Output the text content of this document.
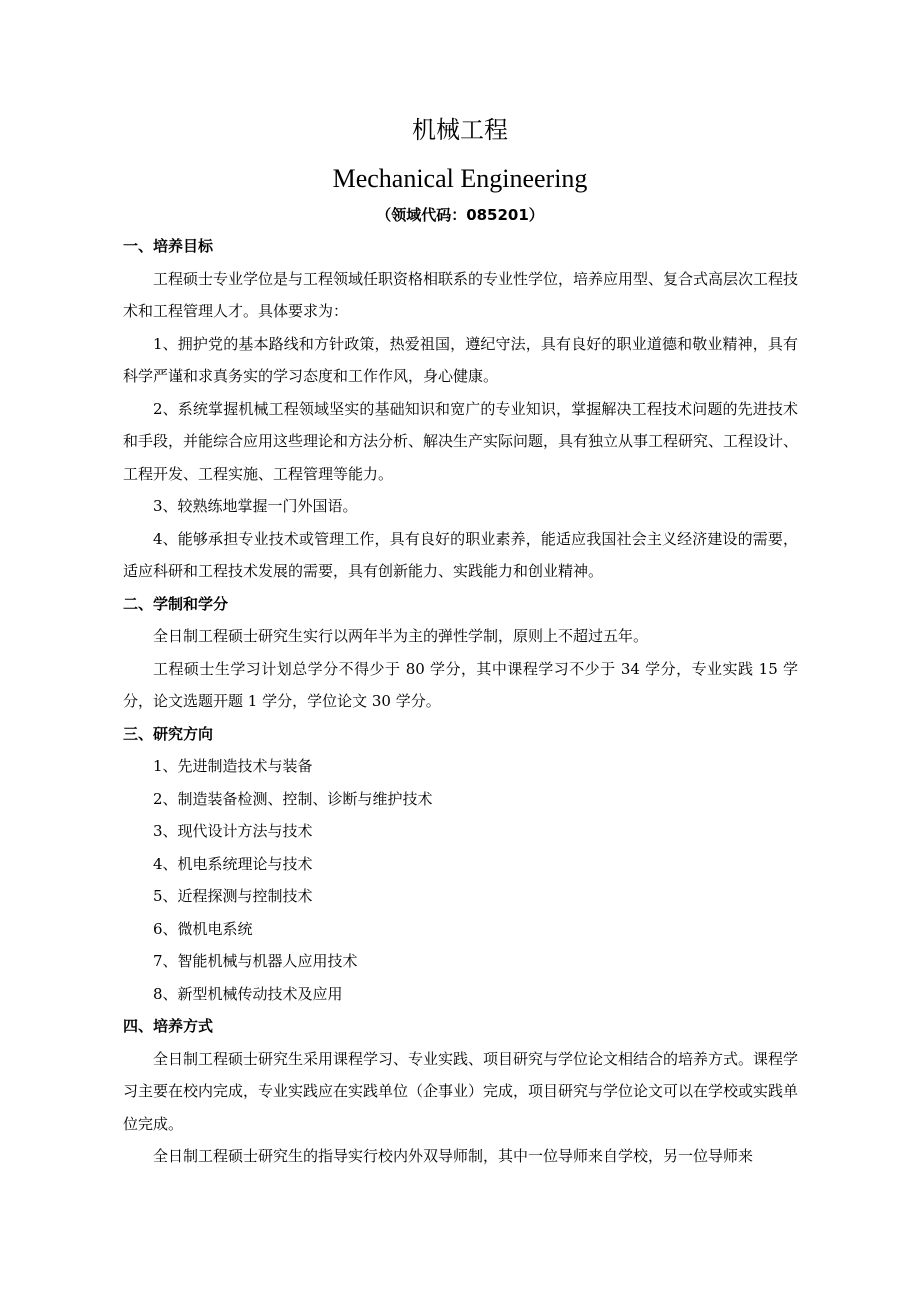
机械工程
Mechanical Engineering
（领域代码：085201）

一、培养目标

工程硕士专业学位是与工程领域任职资格相联系的专业性学位，培养应用型、复合式高层次工程技术和工程管理人才。具体要求为：

1、拥护党的基本路线和方针政策，热爱祖国，遵纪守法，具有良好的职业道德和敬业精神，具有科学严谨和求真务实的学习态度和工作作风，身心健康。

2、系统掌握机械工程领域坚实的基础知识和宽广的专业知识，掌握解决工程技术问题的先进技术和手段，并能综合应用这些理论和方法分析、解决生产实际问题，具有独立从事工程研究、工程设计、工程开发、工程实施、工程管理等能力。

3、较熟练地掌握一门外国语。

4、能够承担专业技术或管理工作，具有良好的职业素养，能适应我国社会主义经济建设的需要，适应科研和工程技术发展的需要，具有创新能力、实践能力和创业精神。

二、学制和学分

全日制工程硕士研究生实行以两年半为主的弹性学制，原则上不超过五年。

工程硕士生学习计划总学分不得少于 80 学分，其中课程学习不少于 34 学分，专业实践 15 学分，论文选题开题 1 学分，学位论文 30 学分。

三、研究方向

1、先进制造技术与装备

2、制造装备检测、控制、诊断与维护技术

3、现代设计方法与技术

4、机电系统理论与技术

5、近程探测与控制技术

6、微机电系统

7、智能机械与机器人应用技术

8、新型机械传动技术及应用

四、培养方式

全日制工程硕士研究生采用课程学习、专业实践、项目研究与学位论文相结合的培养方式。课程学习主要在校内完成，专业实践应在实践单位（企事业）完成，项目研究与学位论文可以在学校或实践单位完成。

全日制工程硕士研究生的指导实行校内外双导师制，其中一位导师来自学校，另一位导师来
